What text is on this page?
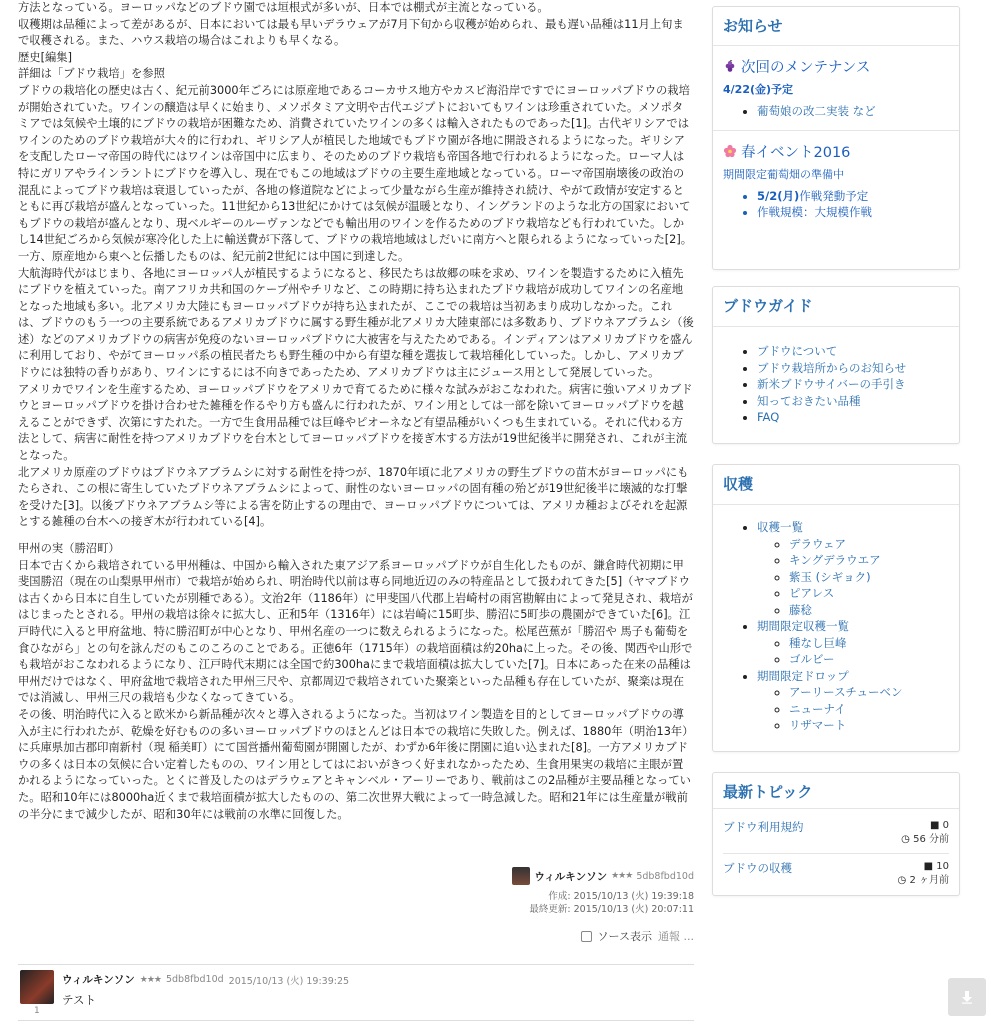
方法となっている。ヨーロッパなどのブドウ園では垣根式が多いが、日本では棚式が主流となっている。

収穫期は品種によって差があるが、日本においては最も早いデラウェアが7月下旬から収穫が始められ、最も遅い品種は11月上旬まで収穫される。また、ハウス栽培の場合はこれよりも早くなる。

歴史[編集]

詳細は「ブドウ栽培」を参照

ブドウの栽培化の歴史は古く、紀元前3000年ごろには原産地であるコーカサス地方やカスピ海沿岸ですでにヨーロッパブドウの栽培が開始されていた。ワインの醸造は早くに始まり、メソポタミア文明や古代エジプトにおいてもワインは珍重されていた。メソポタミアでは気候や土壌的にブドウの栽培が困難なため、消費されていたワインの多くは輸入されたものであった[1]。古代ギリシアではワインのためのブドウ栽培が大々的に行われ、ギリシア人が植民した地域でもブドウ園が各地に開設されるようになった。ギリシアを支配したローマ帝国の時代にはワインは帝国中に広まり、そのためのブドウ栽培も帝国各地で行われるようになった。ローマ人は特にガリアやラインラントにブドウを導入し、現在でもこの地域はブドウの主要生産地域となっている。ローマ帝国崩壊後の政治の混乱によってブドウ栽培は衰退していったが、各地の修道院などによって少量ながら生産が維持され続け、やがて政情が安定するとともに再び栽培が盛んとなっていった。11世紀から13世紀にかけては気候が温暖となり、イングランドのような北方の国家においてもブドウの栽培が盛んとなり、現ベルギーのルーヴァンなどでも輸出用のワインを作るためのブドウ栽培なども行われていた。しかし14世紀ごろから気候が寒冷化した上に輸送費が下落して、ブドウの栽培地域はしだいに南方へと限られるようになっていった[2]。

一方、原産地から東へと伝播したものは、紀元前2世紀には中国に到達した。

大航海時代がはじまり、各地にヨーロッパ人が植民するようになると、移民たちは故郷の味を求め、ワインを製造するために入植先にブドウを植えていった。南アフリカ共和国のケープ州やチリなど、この時期に持ち込まれたブドウ栽培が成功してワインの名産地となった地域も多い。北アメリカ大陸にもヨーロッパブドウが持ち込まれたが、ここでの栽培は当初あまり成功しなかった。これは、ブドウのもう一つの主要系統であるアメリカブドウに属する野生種が北アメリカ大陸東部には多数あり、ブドウネアブラムシ（後述）などのアメリカブドウの病害が免疫のないヨーロッパブドウに大被害を与えたためである。インディアンはアメリカブドウを盛んに利用しており、やがてヨーロッパ系の植民者たちも野生種の中から有望な種を選抜して栽培種化していった。しかし、アメリカブドウには独特の香りがあり、ワインにするには不向きであったため、アメリカブドウは主にジュース用として発展していった。

アメリカでワインを生産するため、ヨーロッパブドウをアメリカで育てるために様々な試みがおこなわれた。病害に強いアメリカブドウとヨーロッパブドウを掛け合わせた雑種を作るやり方も盛んに行われたが、ワイン用としては一部を除いてヨーロッパブドウを越えることができず、次第にすたれた。一方で生食用品種では巨峰やピオーネなど有望品種がいくつも生まれている。それに代わる方法として、病害に耐性を持つアメリカブドウを台木としてヨーロッパブドウを接ぎ木する方法が19世紀後半に開発され、これが主流となった。

北アメリカ原産のブドウはブドウネアブラムシに対する耐性を持つが、1870年頃に北アメリカの野生ブドウの苗木がヨーロッパにもたらされ、この根に寄生していたブドウネアブラムシによって、耐性のないヨーロッパの固有種の殆どが19世紀後半に壊滅的な打撃を受けた[3]。以後ブドウネアブラムシ等による害を防止するの理由で、ヨーロッパブドウについては、アメリカ種およびそれを起源とする雑種の台木への接ぎ木が行われている[4]。

甲州の実（勝沼町）

日本で古くから栽培されている甲州種は、中国から輸入された東アジア系ヨーロッパブドウが自生化したものが、鎌倉時代初期に甲斐国勝沼（現在の山梨県甲州市）で栽培が始められ、明治時代以前は専ら同地近辺のみの特産品として扱われてきた[5]（ヤマブドウは古くから日本に自生していたが別種である）。文治2年（1186年）に甲斐国八代郡上岩崎村の雨宮勘解由によって発見され、栽培がはじまったとされる。甲州の栽培は徐々に拡大し、正和5年（1316年）には岩崎に15町歩、勝沼に5町歩の農園ができていた[6]。江戸時代に入ると甲府盆地、特に勝沼町が中心となり、甲州名産の一つに数えられるようになった。松尾芭蕉が「勝沼や 馬子も葡萄を食ひながら」との句を詠んだのもこのころのことである。正徳6年（1715年）の栽培面積は約20haに上った。その後、関西や山形でも栽培がおこなわれるようになり、江戸時代末期には全国で約300haにまで栽培面積は拡大していた[7]。日本にあった在来の品種は甲州だけではなく、甲府盆地で栽培された甲州三尺や、京都周辺で栽培されていた聚楽といった品種も存在していたが、聚楽は現在では消滅し、甲州三尺の栽培も少なくなってきている。

その後、明治時代に入ると欧米から新品種が次々と導入されるようになった。当初はワイン製造を目的としてヨーロッパブドウの導入が主に行われたが、乾燥を好むものの多いヨーロッパブドウのほとんどは日本での栽培に失敗した。例えば、1880年（明治13年）に兵庫県加古郡印南新村（現 稲美町）にて国営播州葡萄園が開園したが、わずか6年後に閉園に追い込まれた[8]。一方アメリカブドウの多くは日本の気候に合い定着したものの、ワイン用としてはにおいがきつく好まれなかったため、生食用果実の栽培に主眼が置かれるようになっていった。とくに普及したのはデラウェアとキャンベル・アーリーであり、戦前はこの2品種が主要品種となっていた。昭和10年には8000ha近くまで栽培面積が拡大したものの、第二次世界大戦によって一時急減した。昭和21年には生産量が戦前の半分にまで減少したが、昭和30年には戦前の水準に回復した。

ウィルキンソン ★★★ 5db8fbd10d
作成: 2015/10/13 (火) 19:39:18
最終更新: 2015/10/13 (火) 20:07:11
ソース表示 通報 ...
ウィルキンソン ★★★ 5db8fbd10d 2015/10/13 (火) 19:39:25
テスト
1
お知らせ
次回のメンテナンス
4/22(金)予定
• 葡萄娘の改二実装 など
春イベント2016
期間限定葡萄畑の準備中
• 5/2(月)作戦発動予定
• 作戦規模：大規模作戦
ブドウガイド
• ブドウについて
• ブドウ栽培所からのお知らせ
• 新米ブドウサイバーの手引き
• 知っておきたい品種
• FAQ
収穫
• 収穫一覧
◦ デラウェア
◦ キングデラウエア
◦ 紫玉 (シギョク)
◦ ピアレス
◦ 藤稔
• 期間限定収穫一覧
◦ 種なし巨峰
◦ ゴルビー
• 期間限定ドロップ
◦ アーリースチューベン
◦ ニューナイ
◦ リザマート
最新トピック
ブドウ利用規約	■ 0
◷ 56 分前
ブドウの収穫	■ 10
◷ 2 ヶ月前
